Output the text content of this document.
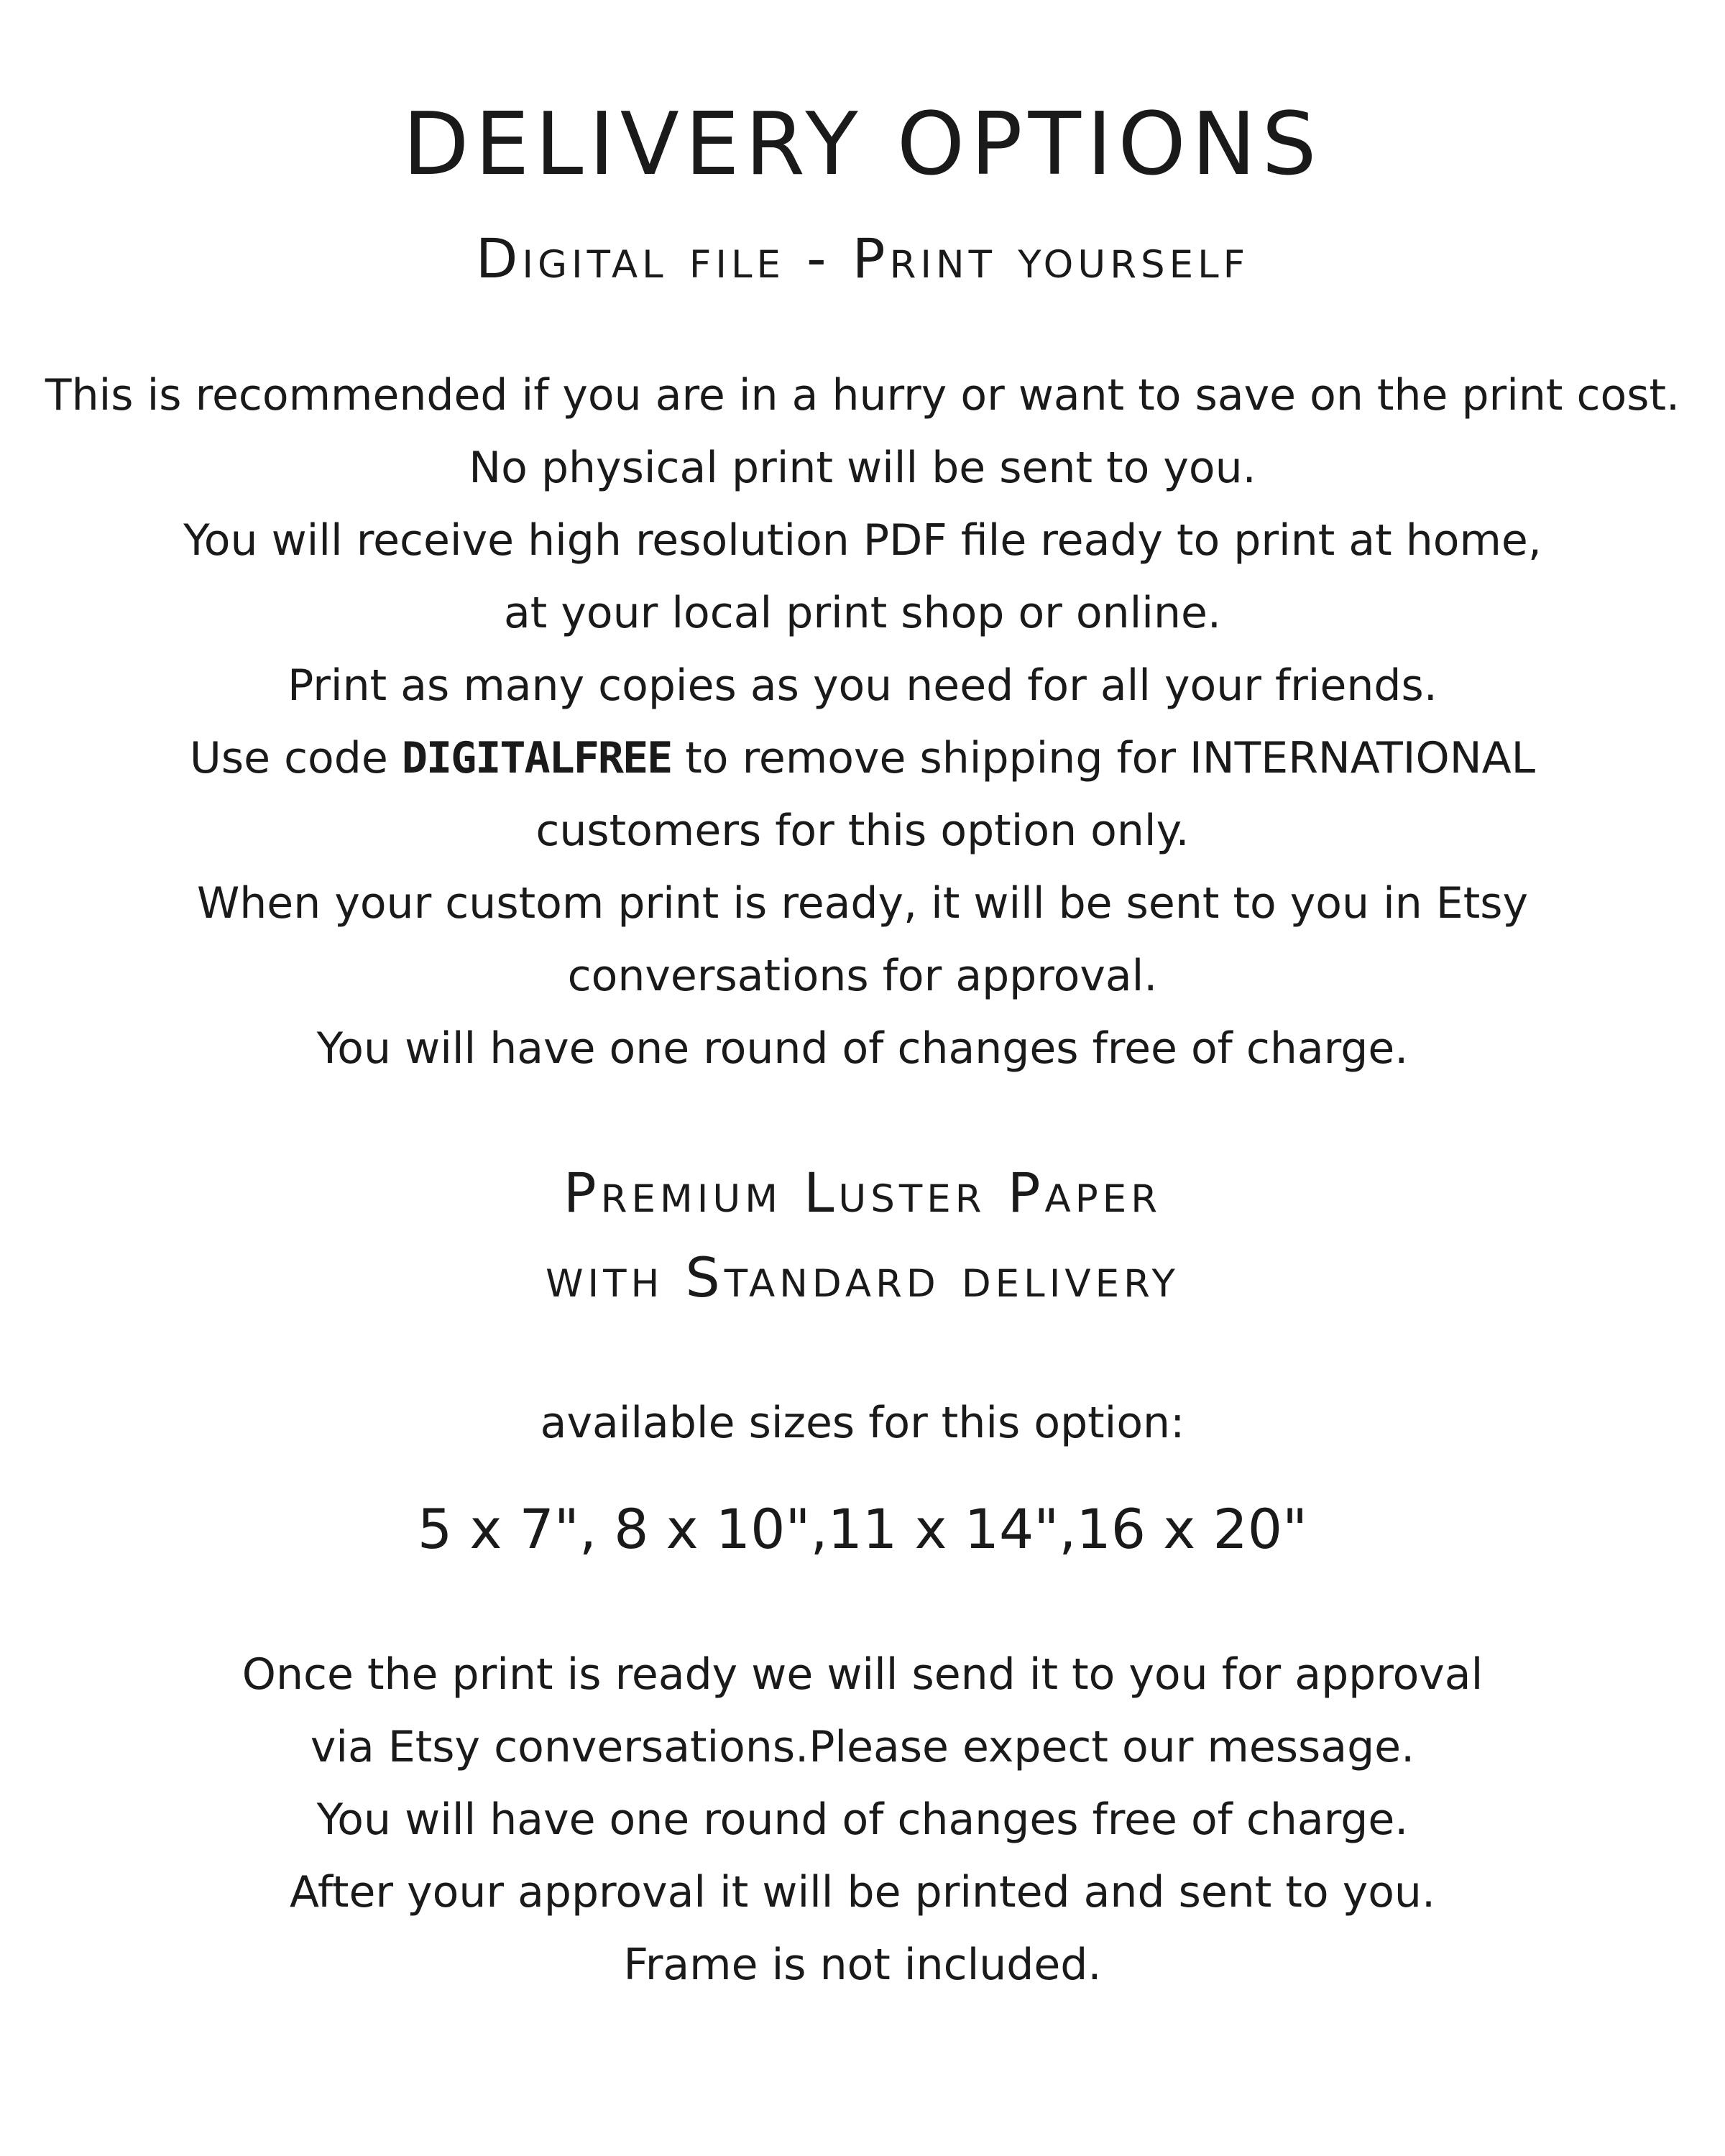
DELIVERY OPTIONS
Digital file - Print yourself
This is recommended if you are in a hurry or want to save on the print cost.
No physical print will be sent to you.
You will receive high resolution PDF file ready to print at home,
at your local print shop or online.
Print as many copies as you need for all your friends.
Use code DIGITALFREE to remove shipping for INTERNATIONAL
customers for this option only.
When your custom print is ready, it will be sent to you in Etsy
conversations for approval.
You will have one round of changes free of charge.
Premium Luster Paper
with Standard delivery
available sizes for this option:
5 x 7", 8 x 10",11 x 14",16 x 20"
Once the print is ready we will send it to you for approval
via Etsy conversations.Please expect our message.
You will have one round of changes free of charge.
After your approval it will be printed and sent to you.
Frame is not included.
